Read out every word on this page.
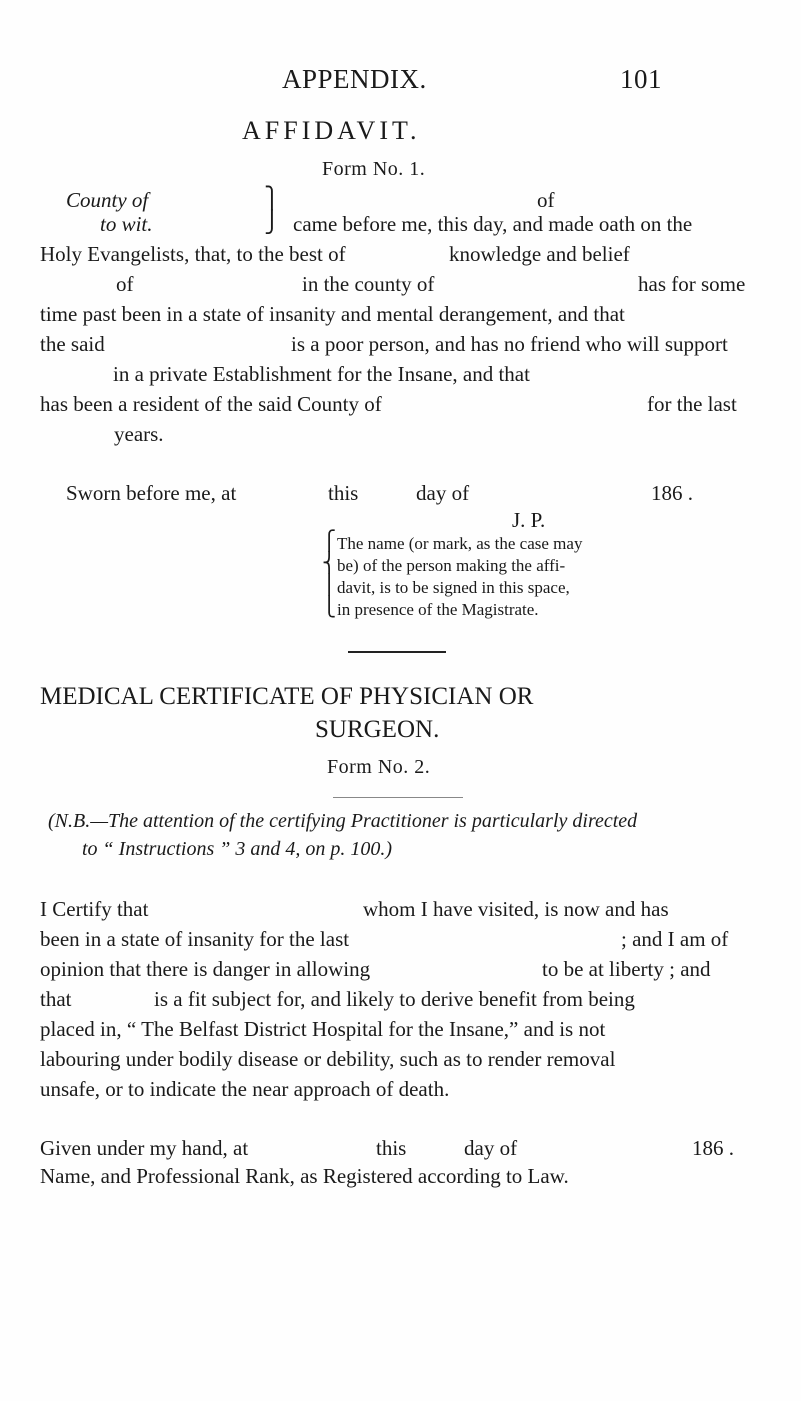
APPENDIX.	101
AFFIDAVIT.
Form No. 1.
County of	of
to wit.
⎫
⎭ came before me, this day, and made oath on the
Holy Evangelists, that, to the best of	knowledge and belief
of	in the county of	has for some
time past been in a state of insanity and mental derangement, and that
the said	is a poor person, and has no friend who will support
in a private Establishment for the Insane, and that
has been a resident of the said County of	for the last
years.
Sworn before me, at	this	day of	186 .
J. P.
⎧
⎨
⎪
⎩
The name (or mark, as the case may
be) of the person making the affi-
davit, is to be signed in this space,
in presence of the Magistrate.
MEDICAL CERTIFICATE OF PHYSICIAN OR
SURGEON.
Form No. 2.
(N.B.—The attention of the certifying Practitioner is particularly directed
to “ Instructions ” 3 and 4, on p. 100.)
I Certify that	whom I have visited, is now and has
been in a state of insanity for the last	; and I am of
opinion that there is danger in allowing	to be at liberty ; and
that	is a fit subject for, and likely to derive benefit from being
placed in, “ The Belfast District Hospital for the Insane,” and is not
labouring under bodily disease or debility, such as to render removal
unsafe, or to indicate the near approach of death.
Given under my hand, at	this	day of	186 .
Name, and Professional Rank, as Registered according to Law.
